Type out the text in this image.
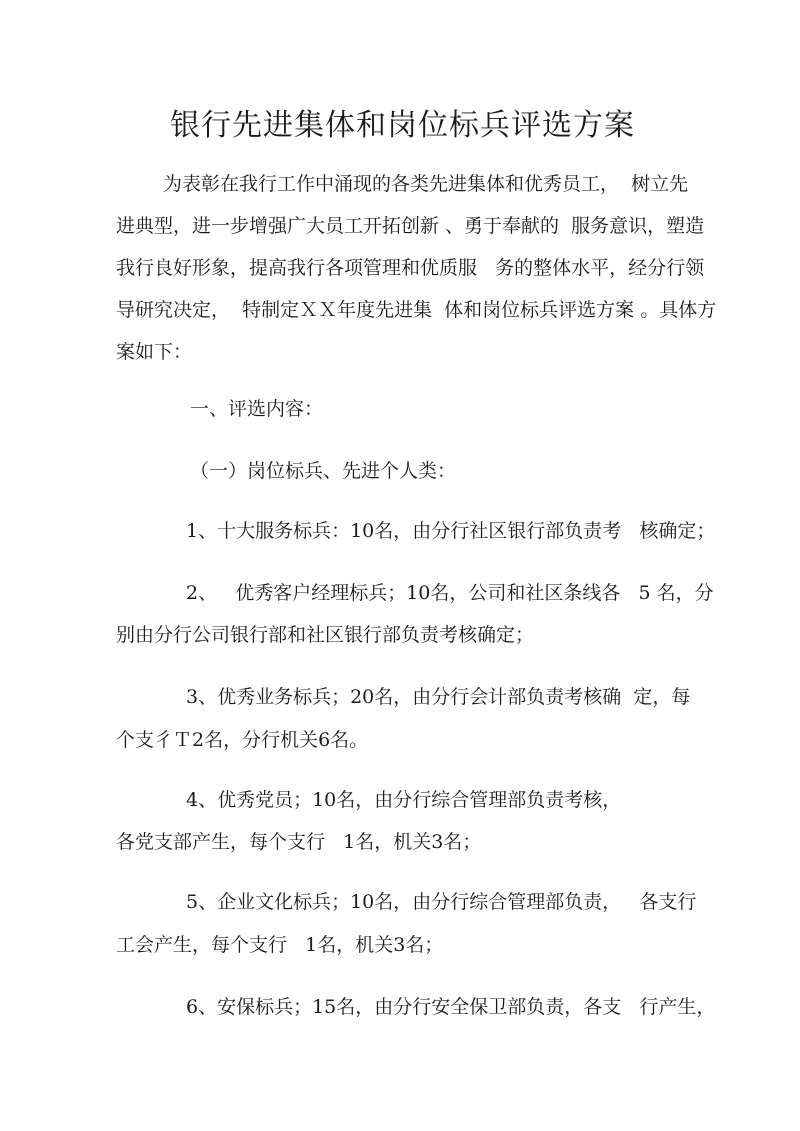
银行先进集体和岗位标兵评选方案
为表彰在我行工作中涌现的各类先进集体和优秀员工，  树立先
进典型，进一步增强广大员工开拓创新 、勇于奉献的  服务意识，塑造
我行良好形象，提高我行各项管理和优质服   务的整体水平，经分行领
导研究决定，  特制定ＸＸ年度先进集  体和岗位标兵评选方案 。具体方
案如下：
一、评选内容：
（一）岗位标兵、先进个人类：
1、十大服务标兵：10名，由分行社区银行部负责考   核确定；
2、   优秀客户经理标兵；10名，公司和社区条线各   5 名，分
别由分行公司银行部和社区银行部负责考核确定；
3、优秀业务标兵；20名，由分行会计部负责考核确  定，每
个支彳Ｔ2名，分行机关6名。
4、优秀党员；10名，由分行综合管理部负责考核，
各党支部产生，每个支行   1名，机关3名；
5、企业文化标兵；10名，由分行综合管理部负责，   各支行
工会产生，每个支行   1名，机关3名；
6、安保标兵；15名，由分行安全保卫部负责，各支   行产生，
